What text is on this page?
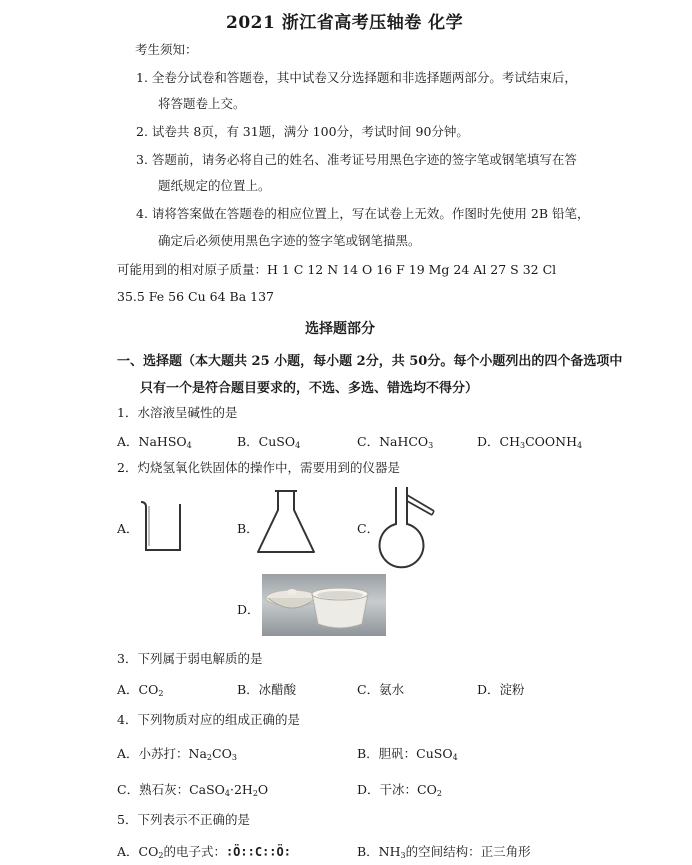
2021 浙江省高考压轴卷 化学
考生须知：
1. 全卷分试卷和答题卷，其中试卷又分选择题和非选择题两部分。考试结束后，
将答题卷上交。
2. 试卷共 8页，有 31题，满分 100分，考试时间 90分钟。
3. 答题前，请务必将自己的姓名、准考证号用黑色字迹的签字笔或钢笔填写在答
题纸规定的位置上。
4. 请将答案做在答题卷的相应位置上，写在试卷上无效。作图时先使用 2B 铅笔，
确定后必须使用黑色字迹的签字笔或钢笔描黑。
可能用到的相对原子质量：H 1 C 12 N 14 O 16 F 19 Mg 24 Al 27 S 32 Cl
35.5 Fe 56 Cu 64 Ba 137
选择题部分
一、选择题（本大题共 25 小题，每小题 2分，共 50分。每个小题列出的四个备选项中
只有一个是符合题目要求的，不选、多选、错选均不得分）
1．水溶液呈碱性的是
A．NaHSO$_4$	B．CuSO$_4$	C．NaHCO$_3$	D．$CH_3COONH_4$
2．灼烧氢氧化铁固体的操作中，需要用到的仪器是
A．	B．	C．
D．
3．下列属于弱电解质的是
A．$CO_2$	B．冰醋酸	C．氨水	D．淀粉
4．下列物质对应的组成正确的是
A．小苏打：$Na_2CO_3$	B．胆矾：CuSO$_4$
C．熟石灰：$CaSO_4\cdot 2H_2O$	D．干冰：$CO_2$
5．下列表示不正确的是
A．$CO_2$的电子式：∶Ö∶∶C∶∶Ö∶	B．$NH_3$的空间结构：正三角形
